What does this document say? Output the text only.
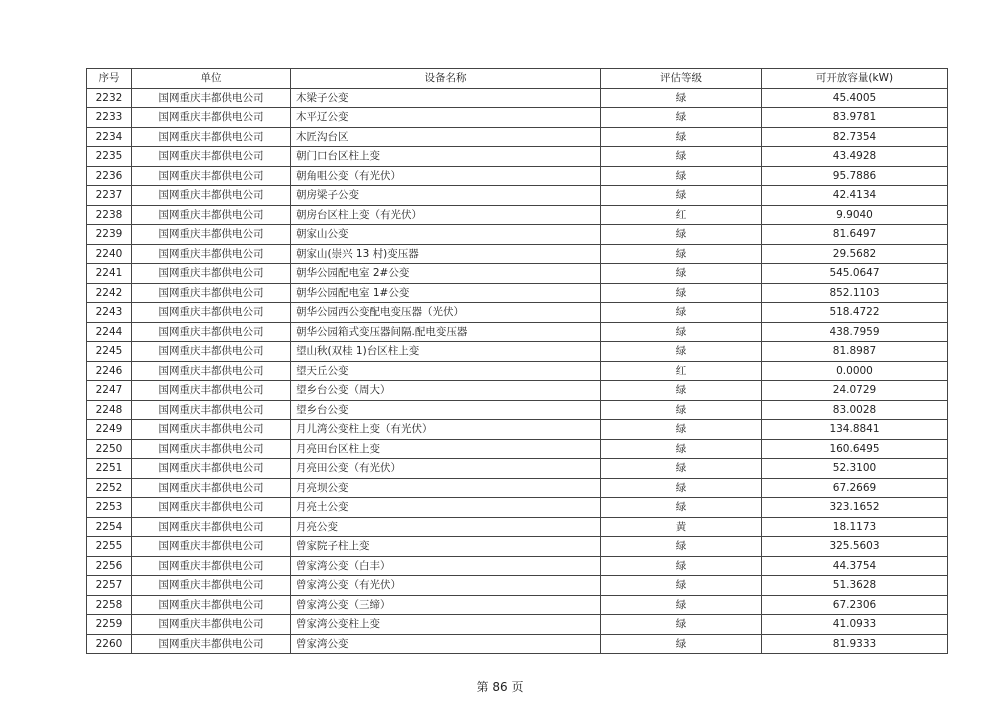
序号	单位	设备名称	评估等级	可开放容量(kW)
2232	国网重庆丰都供电公司	木梁子公变	绿	45.4005
2233	国网重庆丰都供电公司	木平辽公变	绿	83.9781
2234	国网重庆丰都供电公司	木匠沟台区	绿	82.7354
2235	国网重庆丰都供电公司	朝门口台区柱上变	绿	43.4928
2236	国网重庆丰都供电公司	朝角咀公变（有光伏）	绿	95.7886
2237	国网重庆丰都供电公司	朝房梁子公变	绿	42.4134
2238	国网重庆丰都供电公司	朝房台区柱上变（有光伏）	红	9.9040
2239	国网重庆丰都供电公司	朝家山公变	绿	81.6497
2240	国网重庆丰都供电公司	朝家山(崇兴 13 村)变压器	绿	29.5682
2241	国网重庆丰都供电公司	朝华公园配电室 2#公变	绿	545.0647
2242	国网重庆丰都供电公司	朝华公园配电室 1#公变	绿	852.1103
2243	国网重庆丰都供电公司	朝华公园西公变配电变压器（光伏）	绿	518.4722
2244	国网重庆丰都供电公司	朝华公园箱式变压器间隔.配电变压器	绿	438.7959
2245	国网重庆丰都供电公司	望山秋(双桂 1)台区柱上变	绿	81.8987
2246	国网重庆丰都供电公司	望天丘公变	红	0.0000
2247	国网重庆丰都供电公司	望乡台公变（周大）	绿	24.0729
2248	国网重庆丰都供电公司	望乡台公变	绿	83.0028
2249	国网重庆丰都供电公司	月儿湾公变柱上变（有光伏）	绿	134.8841
2250	国网重庆丰都供电公司	月亮田台区柱上变	绿	160.6495
2251	国网重庆丰都供电公司	月亮田公变（有光伏）	绿	52.3100
2252	国网重庆丰都供电公司	月亮坝公变	绿	67.2669
2253	国网重庆丰都供电公司	月亮土公变	绿	323.1652
2254	国网重庆丰都供电公司	月亮公变	黄	18.1173
2255	国网重庆丰都供电公司	曾家院子柱上变	绿	325.5603
2256	国网重庆丰都供电公司	曾家湾公变（白丰）	绿	44.3754
2257	国网重庆丰都供电公司	曾家湾公变（有光伏）	绿	51.3628
2258	国网重庆丰都供电公司	曾家湾公变（三缔）	绿	67.2306
2259	国网重庆丰都供电公司	曾家湾公变柱上变	绿	41.0933
2260	国网重庆丰都供电公司	曾家湾公变	绿	81.9333
第 86 页
